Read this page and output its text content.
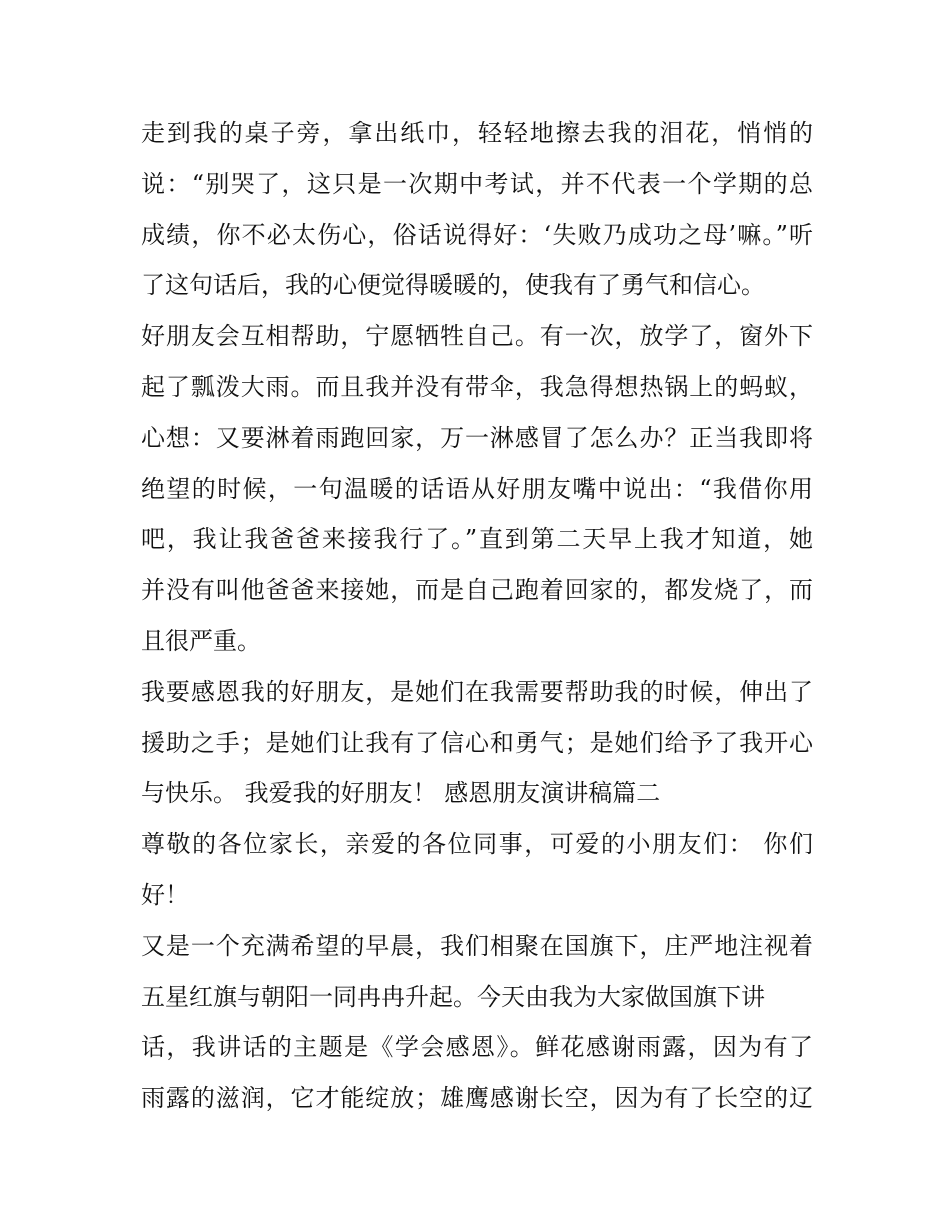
走到我的桌子旁，拿出纸巾，轻轻地擦去我的泪花，悄悄的
说：“别哭了，这只是一次期中考试，并不代表一个学期的总
成绩，你不必太伤心，俗话说得好：‘失败乃成功之母’嘛。”听
了这句话后，我的心便觉得暖暖的，使我有了勇气和信心。
好朋友会互相帮助，宁愿牺牲自己。有一次，放学了，窗外下
起了瓢泼大雨。而且我并没有带伞，我急得想热锅上的蚂蚁，
心想：又要淋着雨跑回家，万一淋感冒了怎么办？正当我即将
绝望的时候，一句温暖的话语从好朋友嘴中说出：“我借你用
吧，我让我爸爸来接我行了。”直到第二天早上我才知道，她
并没有叫他爸爸来接她，而是自己跑着回家的，都发烧了，而
且很严重。
我要感恩我的好朋友，是她们在我需要帮助我的时候，伸出了
援助之手；是她们让我有了信心和勇气；是她们给予了我开心
与快乐。 我爱我的好朋友！ 感恩朋友演讲稿篇二
尊敬的各位家长，亲爱的各位同事，可爱的小朋友们： 你们
好！
又是一个充满希望的早晨，我们相聚在国旗下，庄严地注视着
五星红旗与朝阳一同冉冉升起。今天由我为大家做国旗下讲
话，我讲话的主题是《学会感恩》。鲜花感谢雨露，因为有了
雨露的滋润，它才能绽放；雄鹰感谢长空，因为有了长空的辽
